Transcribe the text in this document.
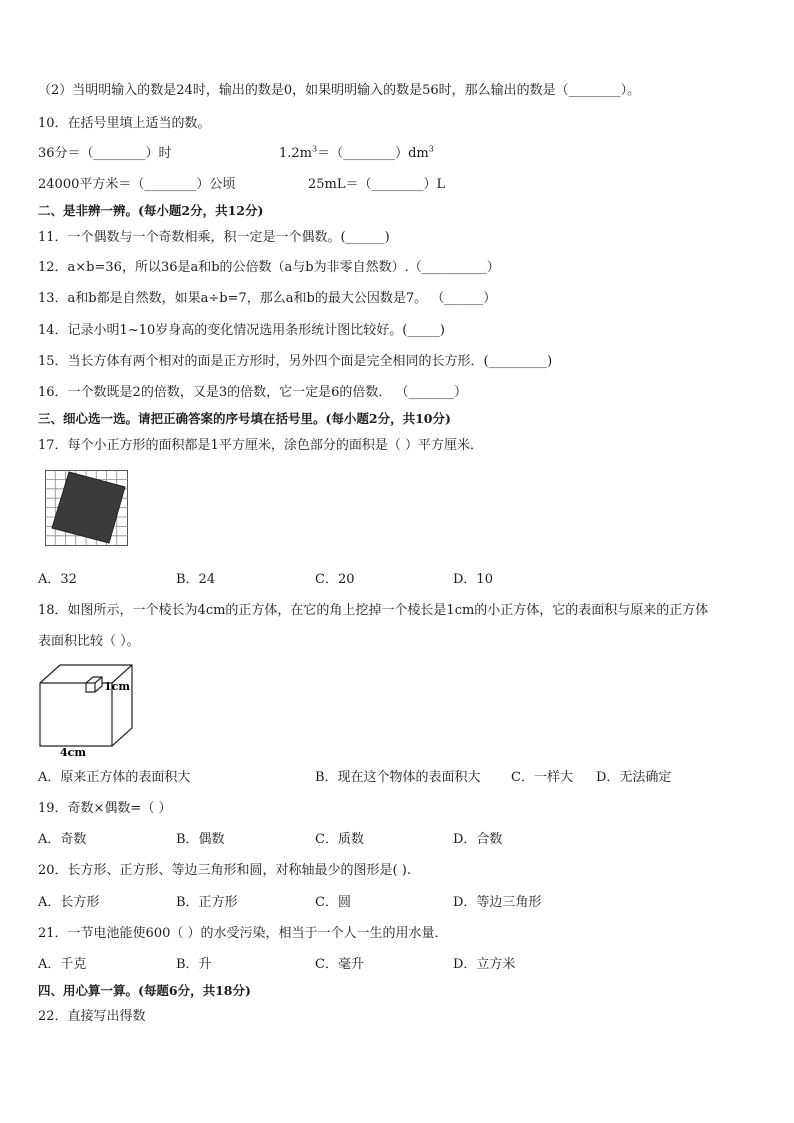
（2）当明明输入的数是24时，输出的数是0，如果明明输入的数是56时，那么输出的数是（________）。
10．在括号里填上适当的数。
36分＝（________）时	$1.2m^3=(\_\_\_\_\_\_\_\_)dm^3$
24000平方米＝（________）公顷	25mL＝（________）L
二、是非辨一辨。(每小题2分，共12分)
11．一个偶数与一个奇数相乘，积一定是一个偶数。(______)
12．a×b=36，所以36是a和b的公倍数（a与b为非零自然数）.（__________）
13．a和b都是自然数，如果a÷b=7，那么a和b的最大公因数是7。 （______）
14．记录小明1~10岁身高的变化情况选用条形统计图比较好。(_____)
15．当长方体有两个相对的面是正方形时，另外四个面是完全相同的长方形．(_________)
16．一个数既是2的倍数，又是3的倍数，它一定是6的倍数． （_______）
三、细心选一选。请把正确答案的序号填在括号里。(每小题2分，共10分)
17．每个小正方形的面积都是1平方厘米，涂色部分的面积是（ ）平方厘米．
A．32	B．24	C．20	D．10
18．如图所示，一个棱长为4cm的正方体，在它的角上挖掉一个棱长是1cm的小正方体，它的表面积与原来的正方体
表面积比较（ ）。
1cm
4cm
A．原来正方体的表面积大	B．现在这个物体的表面积大 C．一样大 D．无法确定
19．奇数×偶数=（ ）
A．奇数	B．偶数	C．质数	D．合数
20．长方形、正方形、等边三角形和圆，对称轴最少的图形是( ).
A．长方形	B．正方形	C．圆	D．等边三角形
21．一节电池能使600（ ）的水受污染，相当于一个人一生的用水量．
A．千克	B．升	C．毫升	D．立方米
四、用心算一算。(每题6分，共18分)
22．直接写出得数
